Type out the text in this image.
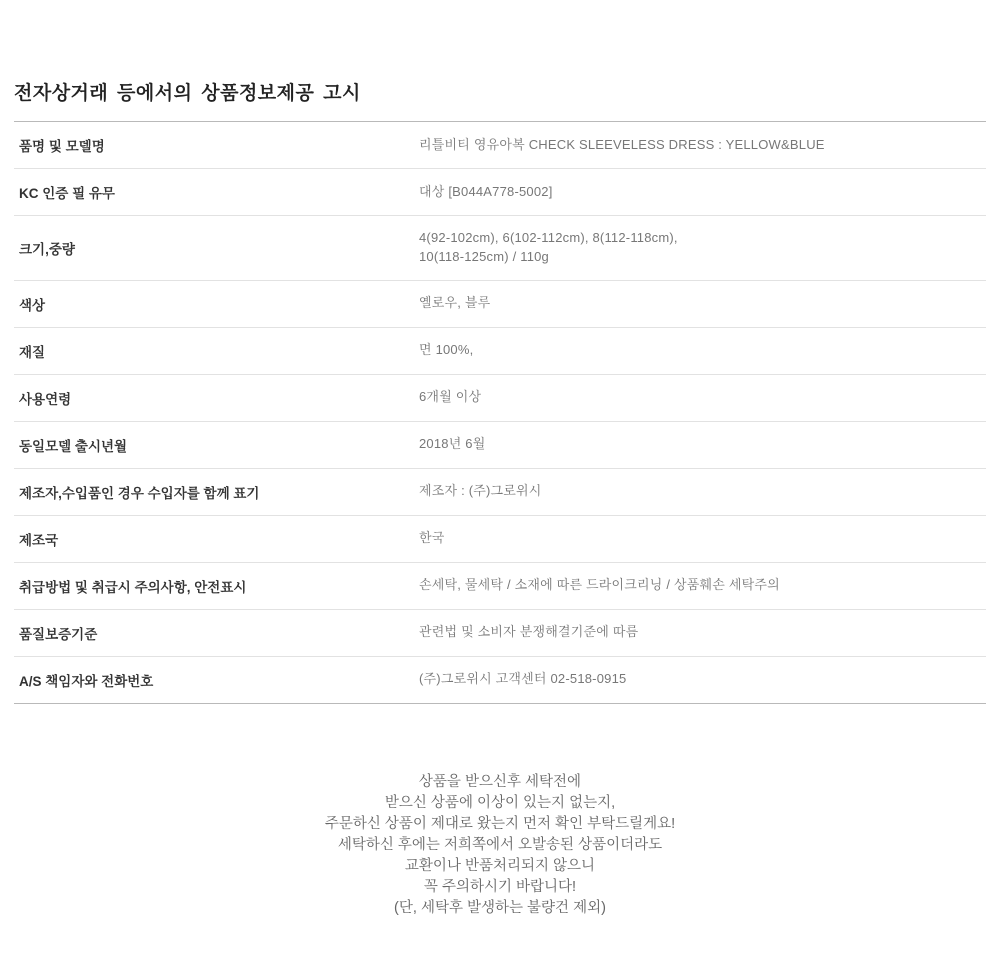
전자상거래 등에서의 상품정보제공 고시
품명 및 모델명	리틀비티 영유아복 CHECK SLEEVELESS DRESS : YELLOW&BLUE
KC 인증 필 유무	대상 [B044A778-5002]
크기,중량	4(92-102cm), 6(102-112cm), 8(112-118cm),
10(118-125cm) / 110g
색상	옐로우, 블루
재질	면 100%,
사용연령	6개월 이상
동일모델 출시년월	2018년 6월
제조자,수입품인 경우 수입자를 함께 표기	제조자 : (주)그로위시
제조국	한국
취급방법 및 취급시 주의사항, 안전표시	손세탁, 물세탁 / 소재에 따른 드라이크리닝 / 상품훼손 세탁주의
품질보증기준	관련법 및 소비자 분쟁해결기준에 따름
A/S 책임자와 전화번호	(주)그로위시 고객센터 02-518-0915
상품을 받으신후 세탁전에
받으신 상품에 이상이 있는지 없는지,
주문하신 상품이 제대로 왔는지 먼저 확인 부탁드릴게요!
세탁하신 후에는 저희쪽에서 오발송된 상품이더라도
교환이나 반품처리되지 않으니
꼭 주의하시기 바랍니다!
(단, 세탁후 발생하는 불량건 제외)
